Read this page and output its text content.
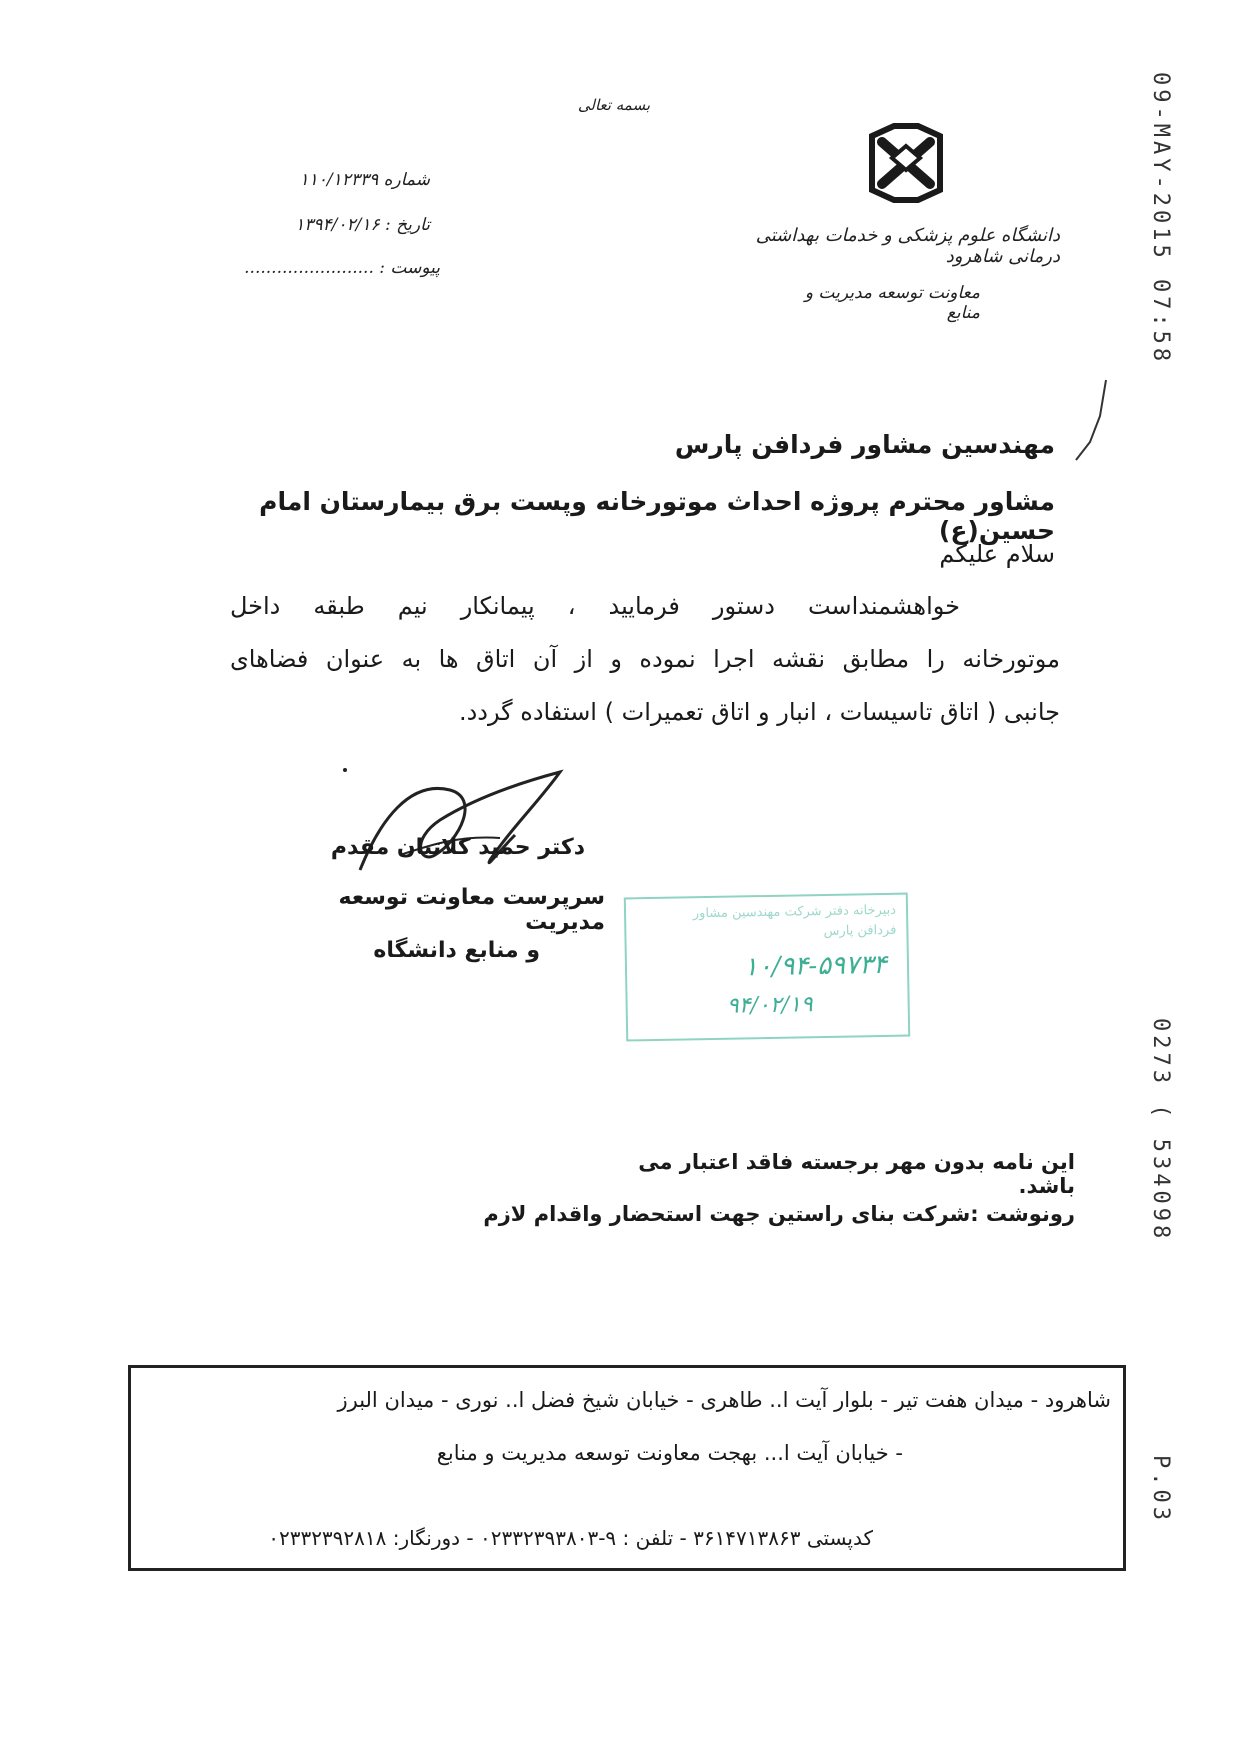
09-MAY-2015 07:58
0273 ( 534098
P.03
بسمه تعالی
شماره ۱۱۰/۱۲۳۳۹
تاریخ : ۱۳۹۴/۰۲/۱۶
پیوست : ........................
دانشگاه علوم پزشکی و خدمات بهداشتی درمانی شاهرود
معاونت توسعه مدیریت و منابع
مهندسین مشاور فردافن پارس
مشاور محترم پروژه احداث موتورخانه وپست برق بیمارستان امام حسین(ع)
سلام علیکم
خواهشمنداست دستور فرمایید ، پیمانکار نیم طبقه داخل
موتورخانه را مطابق نقشه اجرا نموده و از آن اتاق ها به عنوان فضاهای
جانبی ( اتاق تاسیسات ، انبار و اتاق تعمیرات ) استفاده گردد.
دکتر حمید کلاتیان مقدم
سرپرست معاونت توسعه مدیریت
و منابع دانشگاه
دبیرخانه دفتر شرکت مهندسین مشاور
فردافن پارس
۱۰/۹۴-۵۹۷۳۴
۹۴/۰۲/۱۹
این نامه بدون مهر برجسته فاقد اعتبار می باشد.
رونوشت :شرکت بنای راستین جهت استحضار واقدام لازم
شاهرود - میدان هفت تیر - بلوار آیت ا.. طاهری - خیابان شیخ فضل ا.. نوری - میدان البرز
- خیابان آیت ا... بهجت معاونت توسعه مدیریت و منابع
کدپستی ۳۶۱۴۷۱۳۸۶۳ - تلفن : ۹-۰۲۳۳۲۳۹۳۸۰۳ - دورنگار: ۰۲۳۳۲۳۹۲۸۱۸
